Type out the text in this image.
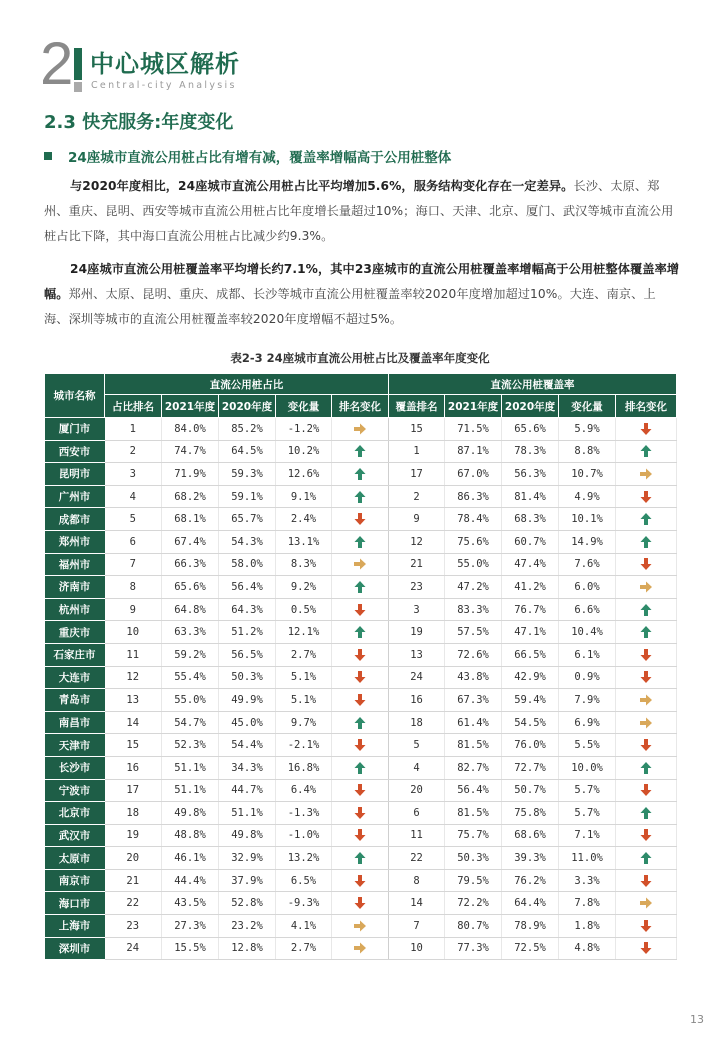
2 中心城区解析
Central-city Analysis
2.3 快充服务:年度变化
24座城市直流公用桩占比有增有减，覆盖率增幅高于公用桩整体
与2020年度相比，24座城市直流公用桩占比平均增加5.6%，服务结构变化存在一定差异。长沙、太原、郑州、重庆、昆明、西安等城市直流公用桩占比年度增长量超过10%；海口、天津、北京、厦门、武汉等城市直流公用桩占比下降，其中海口直流公用桩占比减少约9.3%。
24座城市直流公用桩覆盖率平均增长约7.1%，其中23座城市的直流公用桩覆盖率增幅高于公用桩整体覆盖率增幅。郑州、太原、昆明、重庆、成都、长沙等城市直流公用桩覆盖率较2020年度增加超过10%。大连、南京、上海、深圳等城市的直流公用桩覆盖率较2020年度增幅不超过5%。
表2-3 24座城市直流公用桩占比及覆盖率年度变化
城市名称	直流公用桩占比					直流公用桩覆盖率				
	占比排名	2021年度	2020年度	变化量	排名变化	覆盖排名	2021年度	2020年度	变化量	排名变化
厦门市	1	84.0%	85.2%	-1.2%		15	71.5%	65.6%	5.9%	
西安市	2	74.7%	64.5%	10.2%		1	87.1%	78.3%	8.8%	
昆明市	3	71.9%	59.3%	12.6%		17	67.0%	56.3%	10.7%	
广州市	4	68.2%	59.1%	9.1%		2	86.3%	81.4%	4.9%	
成都市	5	68.1%	65.7%	2.4%		9	78.4%	68.3%	10.1%	
郑州市	6	67.4%	54.3%	13.1%		12	75.6%	60.7%	14.9%	
福州市	7	66.3%	58.0%	8.3%		21	55.0%	47.4%	7.6%	
济南市	8	65.6%	56.4%	9.2%		23	47.2%	41.2%	6.0%	
杭州市	9	64.8%	64.3%	0.5%		3	83.3%	76.7%	6.6%	
重庆市	10	63.3%	51.2%	12.1%		19	57.5%	47.1%	10.4%	
石家庄市	11	59.2%	56.5%	2.7%		13	72.6%	66.5%	6.1%	
大连市	12	55.4%	50.3%	5.1%		24	43.8%	42.9%	0.9%	
青岛市	13	55.0%	49.9%	5.1%		16	67.3%	59.4%	7.9%	
南昌市	14	54.7%	45.0%	9.7%		18	61.4%	54.5%	6.9%	
天津市	15	52.3%	54.4%	-2.1%		5	81.5%	76.0%	5.5%	
长沙市	16	51.1%	34.3%	16.8%		4	82.7%	72.7%	10.0%	
宁波市	17	51.1%	44.7%	6.4%		20	56.4%	50.7%	5.7%	
北京市	18	49.8%	51.1%	-1.3%		6	81.5%	75.8%	5.7%	
武汉市	19	48.8%	49.8%	-1.0%		11	75.7%	68.6%	7.1%	
太原市	20	46.1%	32.9%	13.2%		22	50.3%	39.3%	11.0%	
南京市	21	44.4%	37.9%	6.5%		8	79.5%	76.2%	3.3%	
海口市	22	43.5%	52.8%	-9.3%		14	72.2%	64.4%	7.8%	
上海市	23	27.3%	23.2%	4.1%		7	80.7%	78.9%	1.8%	
深圳市	24	15.5%	12.8%	2.7%		10	77.3%	72.5%	4.8%	
13
